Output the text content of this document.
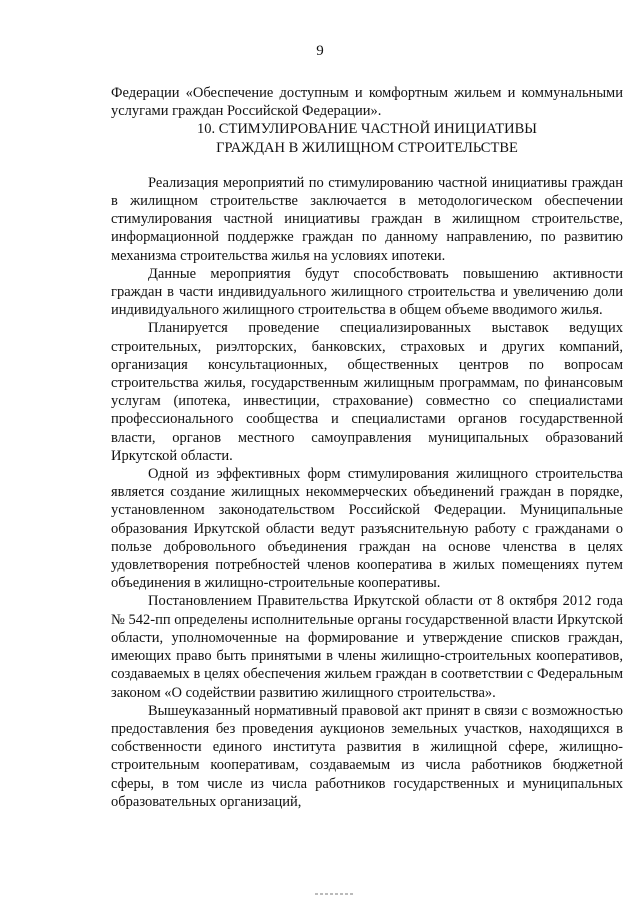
9

Федерации «Обеспечение доступным и комфортным жильем и коммунальными услугами граждан Российской Федерации».

10. СТИМУЛИРОВАНИЕ ЧАСТНОЙ ИНИЦИАТИВЫ
ГРАЖДАН В ЖИЛИЩНОМ СТРОИТЕЛЬСТВЕ

Реализация мероприятий по стимулированию частной инициативы граждан в жилищном строительстве заключается в методологическом обеспечении стимулирования частной инициативы граждан в жилищном строительстве, информационной поддержке граждан по данному направлению, по развитию механизма строительства жилья на условиях ипотеки.

Данные мероприятия будут способствовать повышению активности граждан в части индивидуального жилищного строительства и увеличению доли индивидуального жилищного строительства в общем объеме вводимого жилья.

Планируется проведение специализированных выставок ведущих строительных, риэлторских, банковских, страховых и других компаний, организация консультационных, общественных центров по вопросам строительства жилья, государственным жилищным программам, по финансовым услугам (ипотека, инвестиции, страхование) совместно со специалистами профессионального сообщества и специалистами органов государственной власти, органов местного самоуправления муниципальных образований Иркутской области.

Одной из эффективных форм стимулирования жилищного строительства является создание жилищных некоммерческих объединений граждан в порядке, установленном законодательством Российской Федерации. Муниципальные образования Иркутской области ведут разъяснительную работу с гражданами о пользе добровольного объединения граждан на основе членства в целях удовлетворения потребностей членов кооператива в жилых помещениях путем объединения в жилищно-строительные кооперативы.

Постановлением Правительства Иркутской области от 8 октября 2012 года № 542-пп определены исполнительные органы государственной власти Иркутской области, уполномоченные на формирование и утверждение списков граждан, имеющих право быть принятыми в члены жилищно-строительных кооперативов, создаваемых в целях обеспечения жильем граждан в соответствии с Федеральным законом «О содействии развитию жилищного строительства».

Вышеуказанный нормативный правовой акт принят в связи с возможностью предоставления без проведения аукционов земельных участков, находящихся в собственности единого института развития в жилищной сфере, жилищно-строительным кооперативам, создаваемым из числа работников бюджетной сферы, в том числе из числа работников государственных и муниципальных образовательных организаций,
